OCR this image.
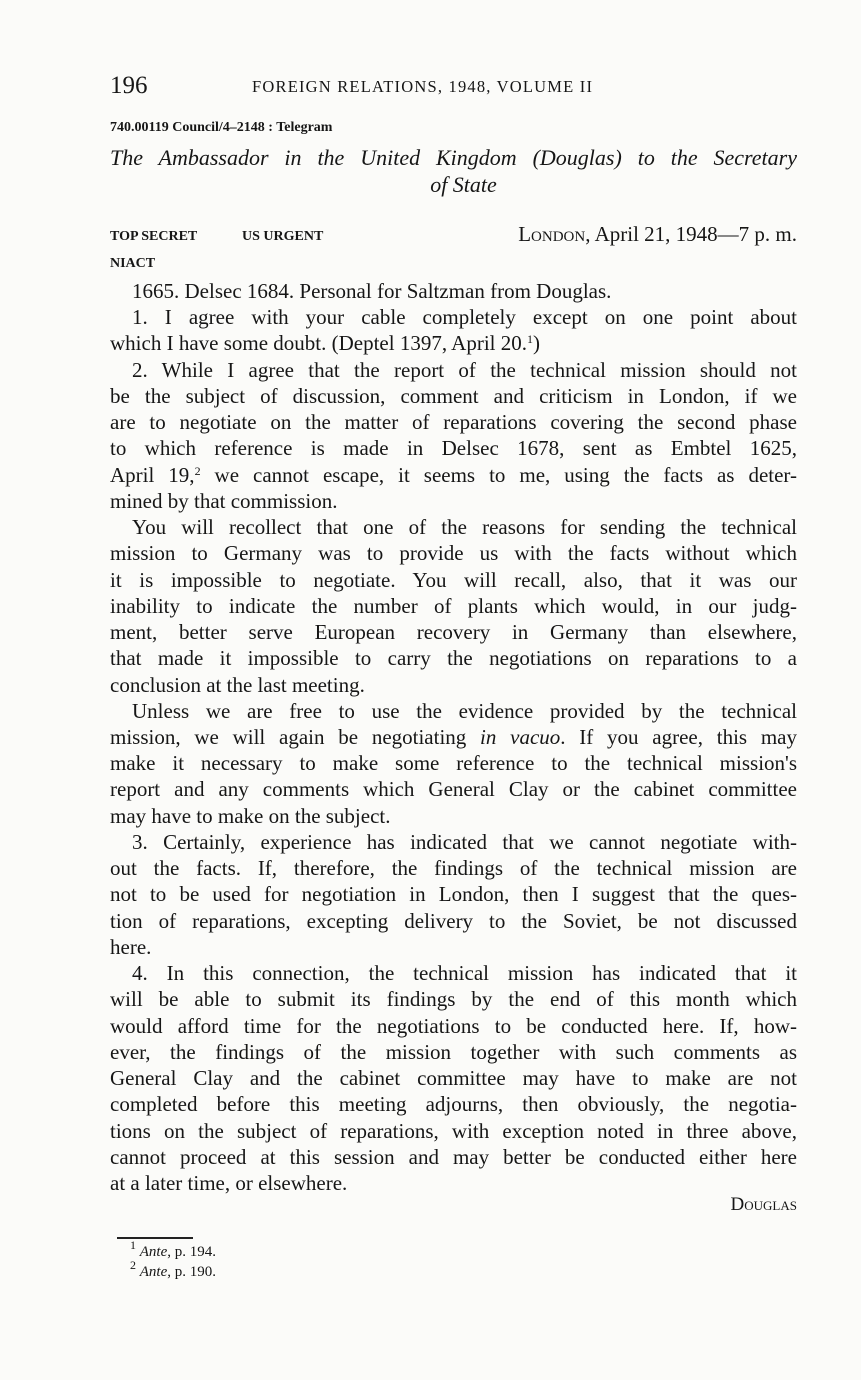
196	FOREIGN RELATIONS, 1948, VOLUME II
740.00119 Council/4–2148 : Telegram
The Ambassador in the United Kingdom (Douglas) to the Secretary
of State
TOP SECRET	US URGENT
NIACT
London, April 21, 1948—7 p. m.
1665. Delsec 1684. Personal for Saltzman from Douglas.
1. I agree with your cable completely except on one point about
which I have some doubt. (Deptel 1397, April 20.$^1$)
2. While I agree that the report of the technical mission should not
be the subject of discussion, comment and criticism in London, if we
are to negotiate on the matter of reparations covering the second phase
to which reference is made in Delsec 1678, sent as Embtel 1625,
April 19,$^2$ we cannot escape, it seems to me, using the facts as deter-
mined by that commission.
You will recollect that one of the reasons for sending the technical
mission to Germany was to provide us with the facts without which
it is impossible to negotiate. You will recall, also, that it was our
inability to indicate the number of plants which would, in our judg-
ment, better serve European recovery in Germany than elsewhere,
that made it impossible to carry the negotiations on reparations to a
conclusion at the last meeting.
Unless we are free to use the evidence provided by the technical
mission, we will again be negotiating in vacuo. If you agree, this may
make it necessary to make some reference to the technical mission's
report and any comments which General Clay or the cabinet committee
may have to make on the subject.
3. Certainly, experience has indicated that we cannot negotiate with-
out the facts. If, therefore, the findings of the technical mission are
not to be used for negotiation in London, then I suggest that the ques-
tion of reparations, excepting delivery to the Soviet, be not discussed
here.
4. In this connection, the technical mission has indicated that it
will be able to submit its findings by the end of this month which
would afford time for the negotiations to be conducted here. If, how-
ever, the findings of the mission together with such comments as
General Clay and the cabinet committee may have to make are not
completed before this meeting adjourns, then obviously, the negotia-
tions on the subject of reparations, with exception noted in three above,
cannot proceed at this session and may better be conducted either here
at a later time, or elsewhere.
Douglas
$^1$ Ante, p. 194.
$^2$ Ante, p. 190.
